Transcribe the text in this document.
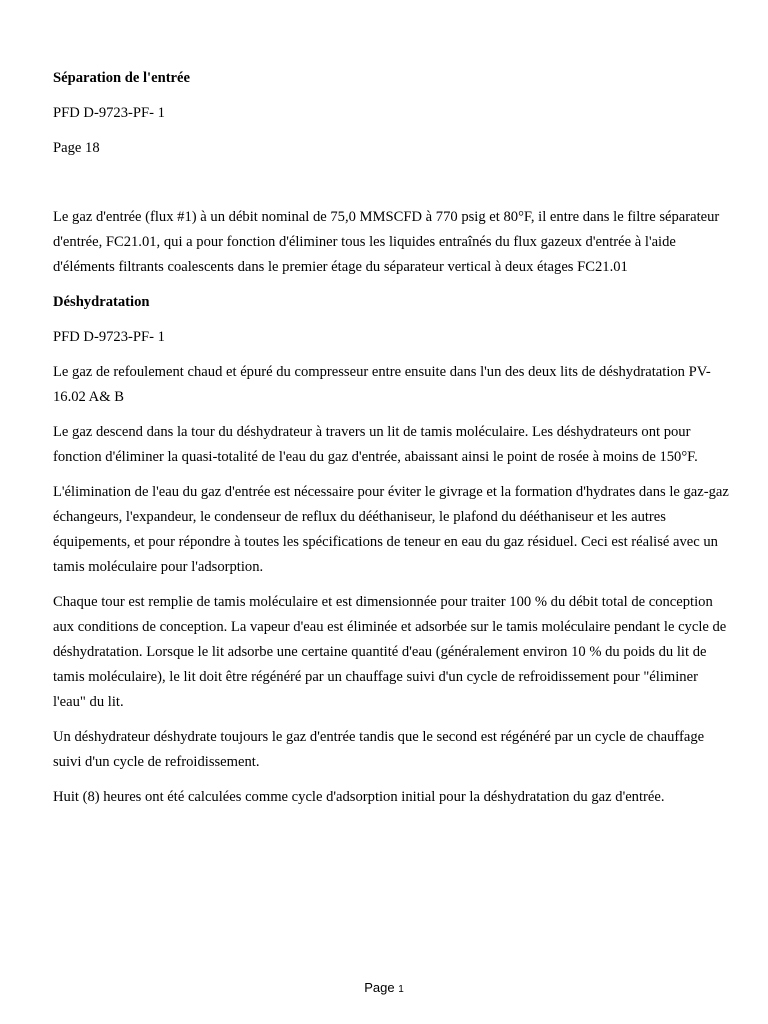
Séparation de l'entrée
PFD D-9723-PF- 1
Page 18
Le gaz d'entrée (flux #1) à un débit nominal de 75,0 MMSCFD à 770 psig et 80°F, il entre dans le filtre séparateur d'entrée, FC21.01, qui a pour fonction d'éliminer tous les liquides entraînés du flux gazeux d'entrée à l'aide d'éléments filtrants coalescents dans le premier étage du séparateur vertical à deux étages FC21.01
Déshydratation
PFD D-9723-PF- 1
Le gaz de refoulement chaud et épuré du compresseur entre ensuite dans l'un des deux lits de déshydratation PV-16.02 A& B
Le gaz descend dans la tour du déshydrateur à travers un lit de tamis moléculaire. Les déshydrateurs ont pour fonction d'éliminer la quasi-totalité de l'eau du gaz d'entrée, abaissant ainsi le point de rosée à moins de 150°F.
L'élimination de l'eau du gaz d'entrée est nécessaire pour éviter le givrage et la formation d'hydrates dans le gaz-gaz échangeurs, l'expandeur, le condenseur de reflux du dééthaniseur, le plafond du dééthaniseur et les autres équipements, et pour répondre à toutes les spécifications de teneur en eau du gaz résiduel. Ceci est réalisé avec un tamis moléculaire pour l'adsorption.
Chaque tour est remplie de tamis moléculaire et est dimensionnée pour traiter 100 % du débit total de conception aux conditions de conception. La vapeur d'eau est éliminée et adsorbée sur le tamis moléculaire pendant le cycle de déshydratation. Lorsque le lit adsorbe une certaine quantité d'eau (généralement environ 10 % du poids du lit de tamis moléculaire), le lit doit être régénéré par un chauffage suivi d'un cycle de refroidissement pour "éliminer l'eau" du lit.
Un déshydrateur déshydrate toujours le gaz d'entrée tandis que le second est régénéré par un cycle de chauffage suivi d'un cycle de refroidissement.
Huit (8) heures ont été calculées comme cycle d'adsorption initial pour la déshydratation du gaz d'entrée.
Page 1
